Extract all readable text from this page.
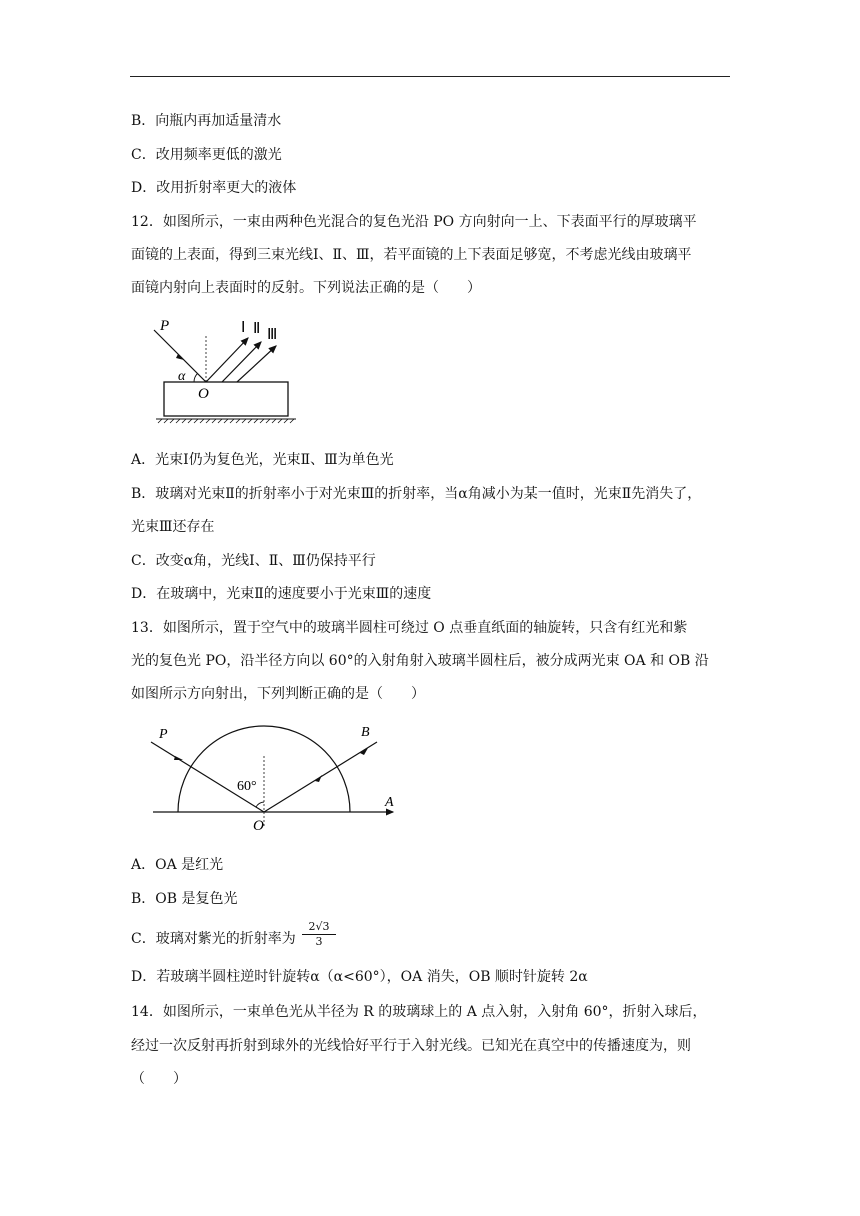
B．向瓶内再加适量清水
C．改用频率更低的激光
D．改用折射率更大的液体
12．如图所示，一束由两种色光混合的复色光沿 PO 方向射向一上、下表面平行的厚玻璃平
面镜的上表面，得到三束光线Ⅰ、Ⅱ、Ⅲ，若平面镜的上下表面足够宽，不考虑光线由玻璃平
面镜内射向上表面时的反射。下列说法正确的是（　　）
P
α
O
Ⅰ Ⅱ Ⅲ
A．光束Ⅰ仍为复色光，光束Ⅱ、Ⅲ为单色光
B．玻璃对光束Ⅱ的折射率小于对光束Ⅲ的折射率，当α角减小为某一值时，光束Ⅱ先消失了，
光束Ⅲ还存在
C．改变α角，光线Ⅰ、Ⅱ、Ⅲ仍保持平行
D．在玻璃中，光束Ⅱ的速度要小于光束Ⅲ的速度
13．如图所示，置于空气中的玻璃半圆柱可绕过 O 点垂直纸面的轴旋转，只含有红光和紫
光的复色光 PO，沿半径方向以 60°的入射角射入玻璃半圆柱后，被分成两光束 OA 和 OB 沿
如图所示方向射出，下列判断正确的是（　　）
P
60°
O
B
A
A．OA 是红光
B．OB 是复色光
C．玻璃对紫光的折射率为 $\frac{2√3}{3}$
D．若玻璃半圆柱逆时针旋转α（α<60°），OA 消失，OB 顺时针旋转 2α
14．如图所示，一束单色光从半径为 R 的玻璃球上的 A 点入射，入射角 60°，折射入球后，
经过一次反射再折射到球外的光线恰好平行于入射光线。已知光在真空中的传播速度为，则
（　　）
